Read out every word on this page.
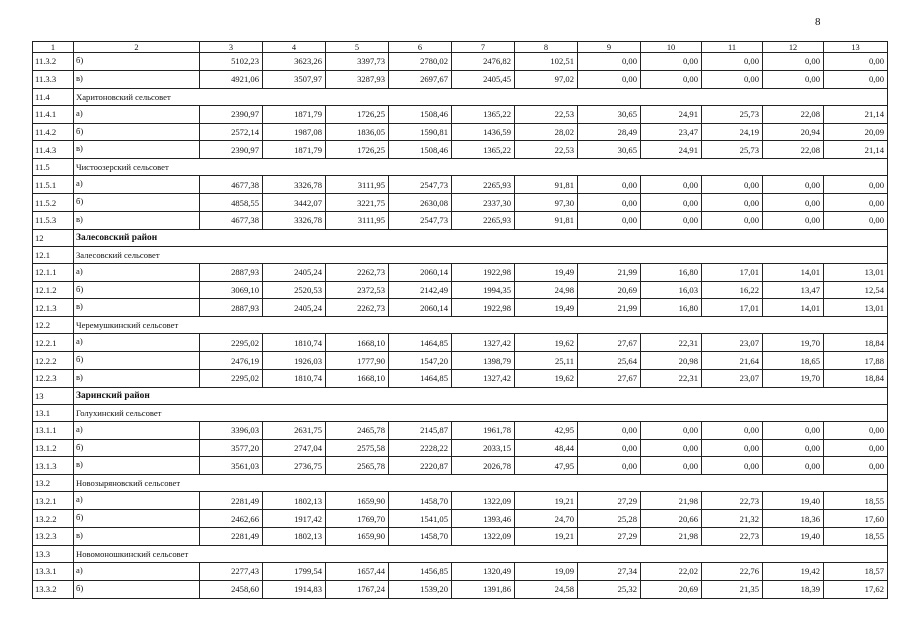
8
1	2	3	4	5	6	7	8	9	10	11	12	13
11.3.2	б)	5102,23	3623,26	3397,73	2780,02	2476,82	102,51	0,00	0,00	0,00	0,00	0,00
11.3.3	в)	4921,06	3507,97	3287,93	2697,67	2405,45	97,02	0,00	0,00	0,00	0,00	0,00
11.4	Харитоновский сельсовет											
11.4.1	а)	2390,97	1871,79	1726,25	1508,46	1365,22	22,53	30,65	24,91	25,73	22,08	21,14
11.4.2	б)	2572,14	1987,08	1836,05	1590,81	1436,59	28,02	28,49	23,47	24,19	20,94	20,09
11.4.3	в)	2390,97	1871,79	1726,25	1508,46	1365,22	22,53	30,65	24,91	25,73	22,08	21,14
11.5	Чистоозерский сельсовет											
11.5.1	а)	4677,38	3326,78	3111,95	2547,73	2265,93	91,81	0,00	0,00	0,00	0,00	0,00
11.5.2	б)	4858,55	3442,07	3221,75	2630,08	2337,30	97,30	0,00	0,00	0,00	0,00	0,00
11.5.3	в)	4677,38	3326,78	3111,95	2547,73	2265,93	91,81	0,00	0,00	0,00	0,00	0,00
12	Залесовский район											
12.1	Залесовский сельсовет											
12.1.1	а)	2887,93	2405,24	2262,73	2060,14	1922,98	19,49	21,99	16,80	17,01	14,01	13,01
12.1.2	б)	3069,10	2520,53	2372,53	2142,49	1994,35	24,98	20,69	16,03	16,22	13,47	12,54
12.1.3	в)	2887,93	2405,24	2262,73	2060,14	1922,98	19,49	21,99	16,80	17,01	14,01	13,01
12.2	Черемушкинский сельсовет											
12.2.1	а)	2295,02	1810,74	1668,10	1464,85	1327,42	19,62	27,67	22,31	23,07	19,70	18,84
12.2.2	б)	2476,19	1926,03	1777,90	1547,20	1398,79	25,11	25,64	20,98	21,64	18,65	17,88
12.2.3	в)	2295,02	1810,74	1668,10	1464,85	1327,42	19,62	27,67	22,31	23,07	19,70	18,84
13	Заринский район											
13.1	Голухинский сельсовет											
13.1.1	а)	3396,03	2631,75	2465,78	2145,87	1961,78	42,95	0,00	0,00	0,00	0,00	0,00
13.1.2	б)	3577,20	2747,04	2575,58	2228,22	2033,15	48,44	0,00	0,00	0,00	0,00	0,00
13.1.3	в)	3561,03	2736,75	2565,78	2220,87	2026,78	47,95	0,00	0,00	0,00	0,00	0,00
13.2	Новозыряновский сельсовет											
13.2.1	а)	2281,49	1802,13	1659,90	1458,70	1322,09	19,21	27,29	21,98	22,73	19,40	18,55
13.2.2	б)	2462,66	1917,42	1769,70	1541,05	1393,46	24,70	25,28	20,66	21,32	18,36	17,60
13.2.3	в)	2281,49	1802,13	1659,90	1458,70	1322,09	19,21	27,29	21,98	22,73	19,40	18,55
13.3	Новомоношкинский сельсовет											
13.3.1	а)	2277,43	1799,54	1657,44	1456,85	1320,49	19,09	27,34	22,02	22,76	19,42	18,57
13.3.2	б)	2458,60	1914,83	1767,24	1539,20	1391,86	24,58	25,32	20,69	21,35	18,39	17,62
